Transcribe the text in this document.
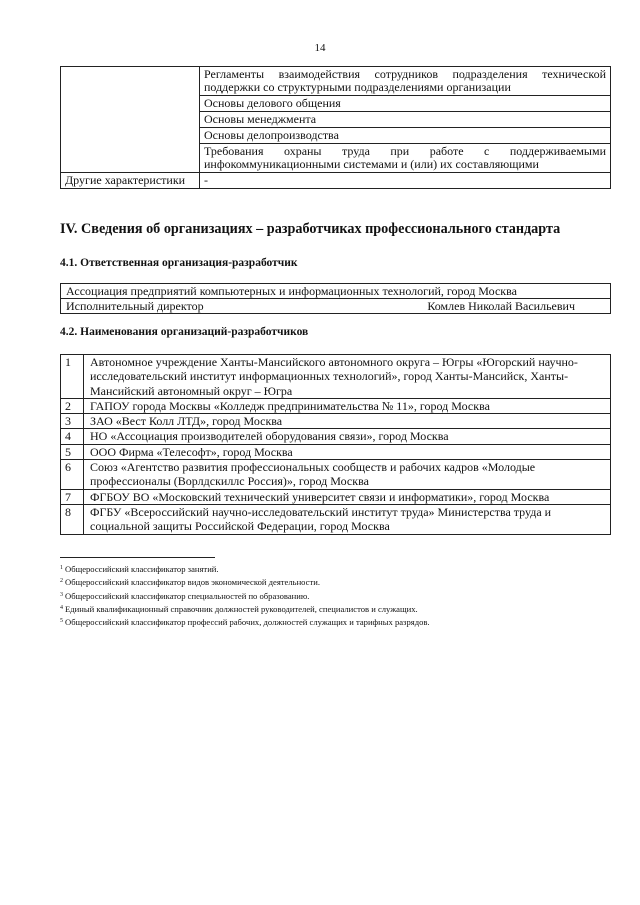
14
	Регламенты взаимодействия сотрудников подразделения технической поддержки со структурными подразделениями организации
	Основы делового общения
	Основы менеджмента
	Основы делопроизводства
	Требования охраны труда при работе с поддерживаемыми инфокоммуникационными системами и (или) их составляющими
Другие характеристики	-
IV. Сведения об организациях – разработчиках профессионального стандарта
4.1. Ответственная организация-разработчик
Ассоциация предприятий компьютерных и информационных технологий, город Москва

Исполнительный директор	Комлев Николай Васильевич
4.2. Наименования организаций-разработчиков
1	Автономное учреждение Ханты-Мансийского автономного округа – Югры «Югорский научно-исследовательский институт информационных технологий», город Ханты-Мансийск, Ханты-Мансийский автономный округ – Югра
2	ГАПОУ города Москвы «Колледж предпринимательства № 11», город Москва
3	ЗАО «Вест Колл ЛТД», город Москва
4	НО «Ассоциация производителей оборудования связи», город Москва
5	ООО Фирма «Телесофт», город Москва
6	Союз «Агентство развития профессиональных сообществ и рабочих кадров «Молодые профессионалы (Ворлдскиллс Россия)», город Москва
7	ФГБОУ ВО «Московский технический университет связи и информатики», город Москва
8	ФГБУ «Всероссийский научно-исследовательский институт труда» Министерства труда и социальной защиты Российской Федерации, город Москва
$^1$ Общероссийский классификатор занятий.
$^2$ Общероссийский классификатор видов экономической деятельности.
$^3$ Общероссийский классификатор специальностей по образованию.
$^4$ Единый квалификационный справочник должностей руководителей, специалистов и служащих.
$^5$ Общероссийский классификатор профессий рабочих, должностей служащих и тарифных разрядов.
